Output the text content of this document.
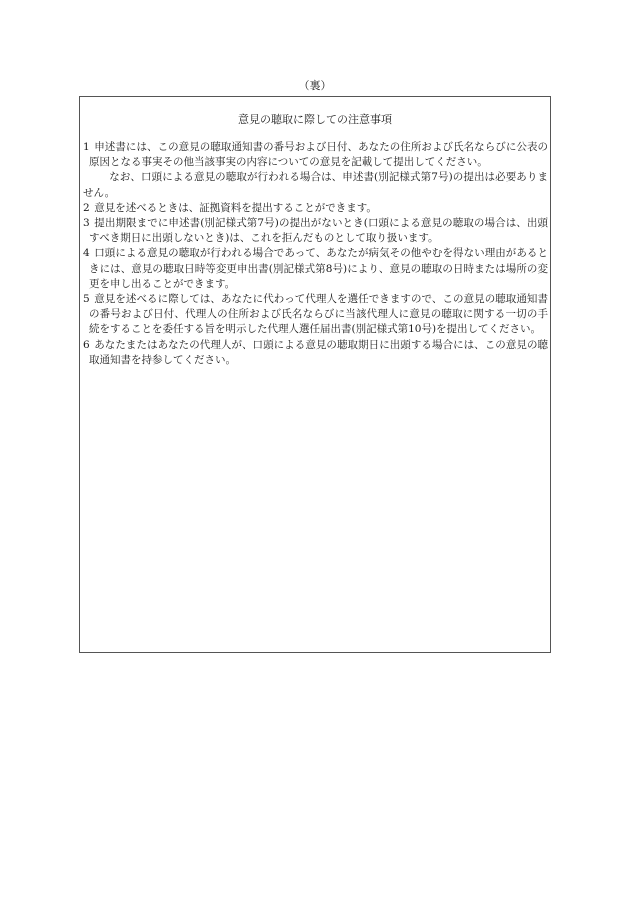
（裏）
意見の聴取に際しての注意事項
1 申述書には、この意見の聴取通知書の番号および日付、あなたの住所および氏名ならびに公表の原因となる事実その他当該事実の内容についての意見を記載して提出してください。

なお、口頭による意見の聴取が行われる場合は、申述書(別記様式第7号)の提出は必要ありません。

2 意見を述べるときは、証拠資料を提出することができます。

3 提出期限までに申述書(別記様式第7号)の提出がないとき(口頭による意見の聴取の場合は、出頭すべき期日に出頭しないとき)は、これを拒んだものとして取り扱います。

4 口頭による意見の聴取が行われる場合であって、あなたが病気その他やむを得ない理由があるときには、意見の聴取日時等変更申出書(別記様式第8号)により、意見の聴取の日時または場所の変更を申し出ることができます。

5 意見を述べるに際しては、あなたに代わって代理人を選任できますので、この意見の聴取通知書の番号および日付、代理人の住所および氏名ならびに当該代理人に意見の聴取に関する一切の手続をすることを委任する旨を明示した代理人選任届出書(別記様式第10号)を提出してください。

6 あなたまたはあなたの代理人が、口頭による意見の聴取期日に出頭する場合には、この意見の聴取通知書を持参してください。
